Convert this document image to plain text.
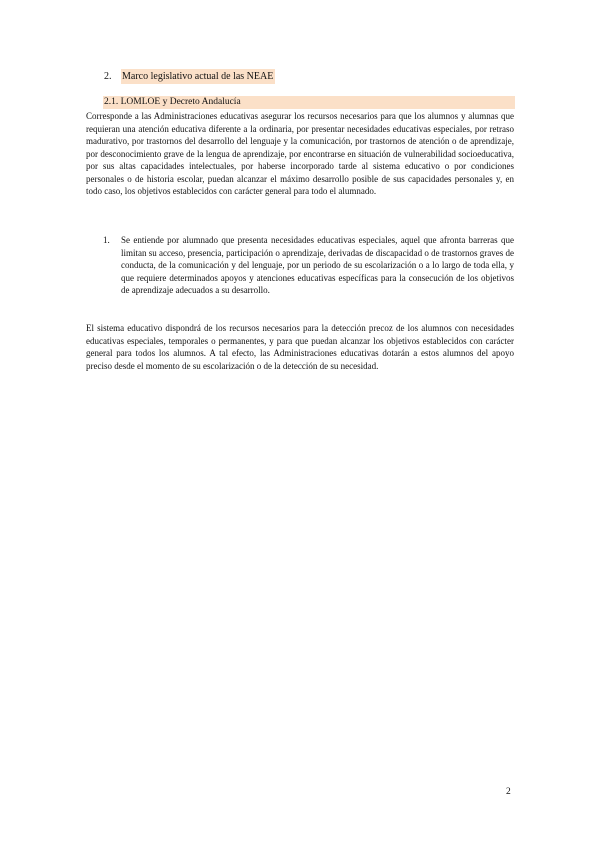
2. Marco legislativo actual de las NEAE
2.1. LOMLOE y Decreto Andalucía

Corresponde a las Administraciones educativas asegurar los recursos necesarios para que los alumnos y alumnas que requieran una atención educativa diferente a la ordinaria, por presentar necesidades educativas especiales, por retraso madurativo, por trastornos del desarrollo del lenguaje y la comunicación, por trastornos de atención o de aprendizaje, por desconocimiento grave de la lengua de aprendizaje, por encontrarse en situación de vulnerabilidad socioeducativa, por sus altas capacidades intelectuales, por haberse incorporado tarde al sistema educativo o por condiciones personales o de historia escolar, puedan alcanzar el máximo desarrollo posible de sus capacidades personales y, en todo caso, los objetivos establecidos con carácter general para todo el alumnado.

1.	Se entiende por alumnado que presenta necesidades educativas especiales, aquel que afronta barreras que limitan su acceso, presencia, participación o aprendizaje, derivadas de discapacidad o de trastornos graves de conducta, de la comunicación y del lenguaje, por un periodo de su escolarización o a lo largo de toda ella, y que requiere determinados apoyos y atenciones educativas específicas para la consecución de los objetivos de aprendizaje adecuados a su desarrollo.

El sistema educativo dispondrá de los recursos necesarios para la detección precoz de los alumnos con necesidades educativas especiales, temporales o permanentes, y para que puedan alcanzar los objetivos establecidos con carácter general para todos los alumnos. A tal efecto, las Administraciones educativas dotarán a estos alumnos del apoyo preciso desde el momento de su escolarización o de la detección de su necesidad.

2
